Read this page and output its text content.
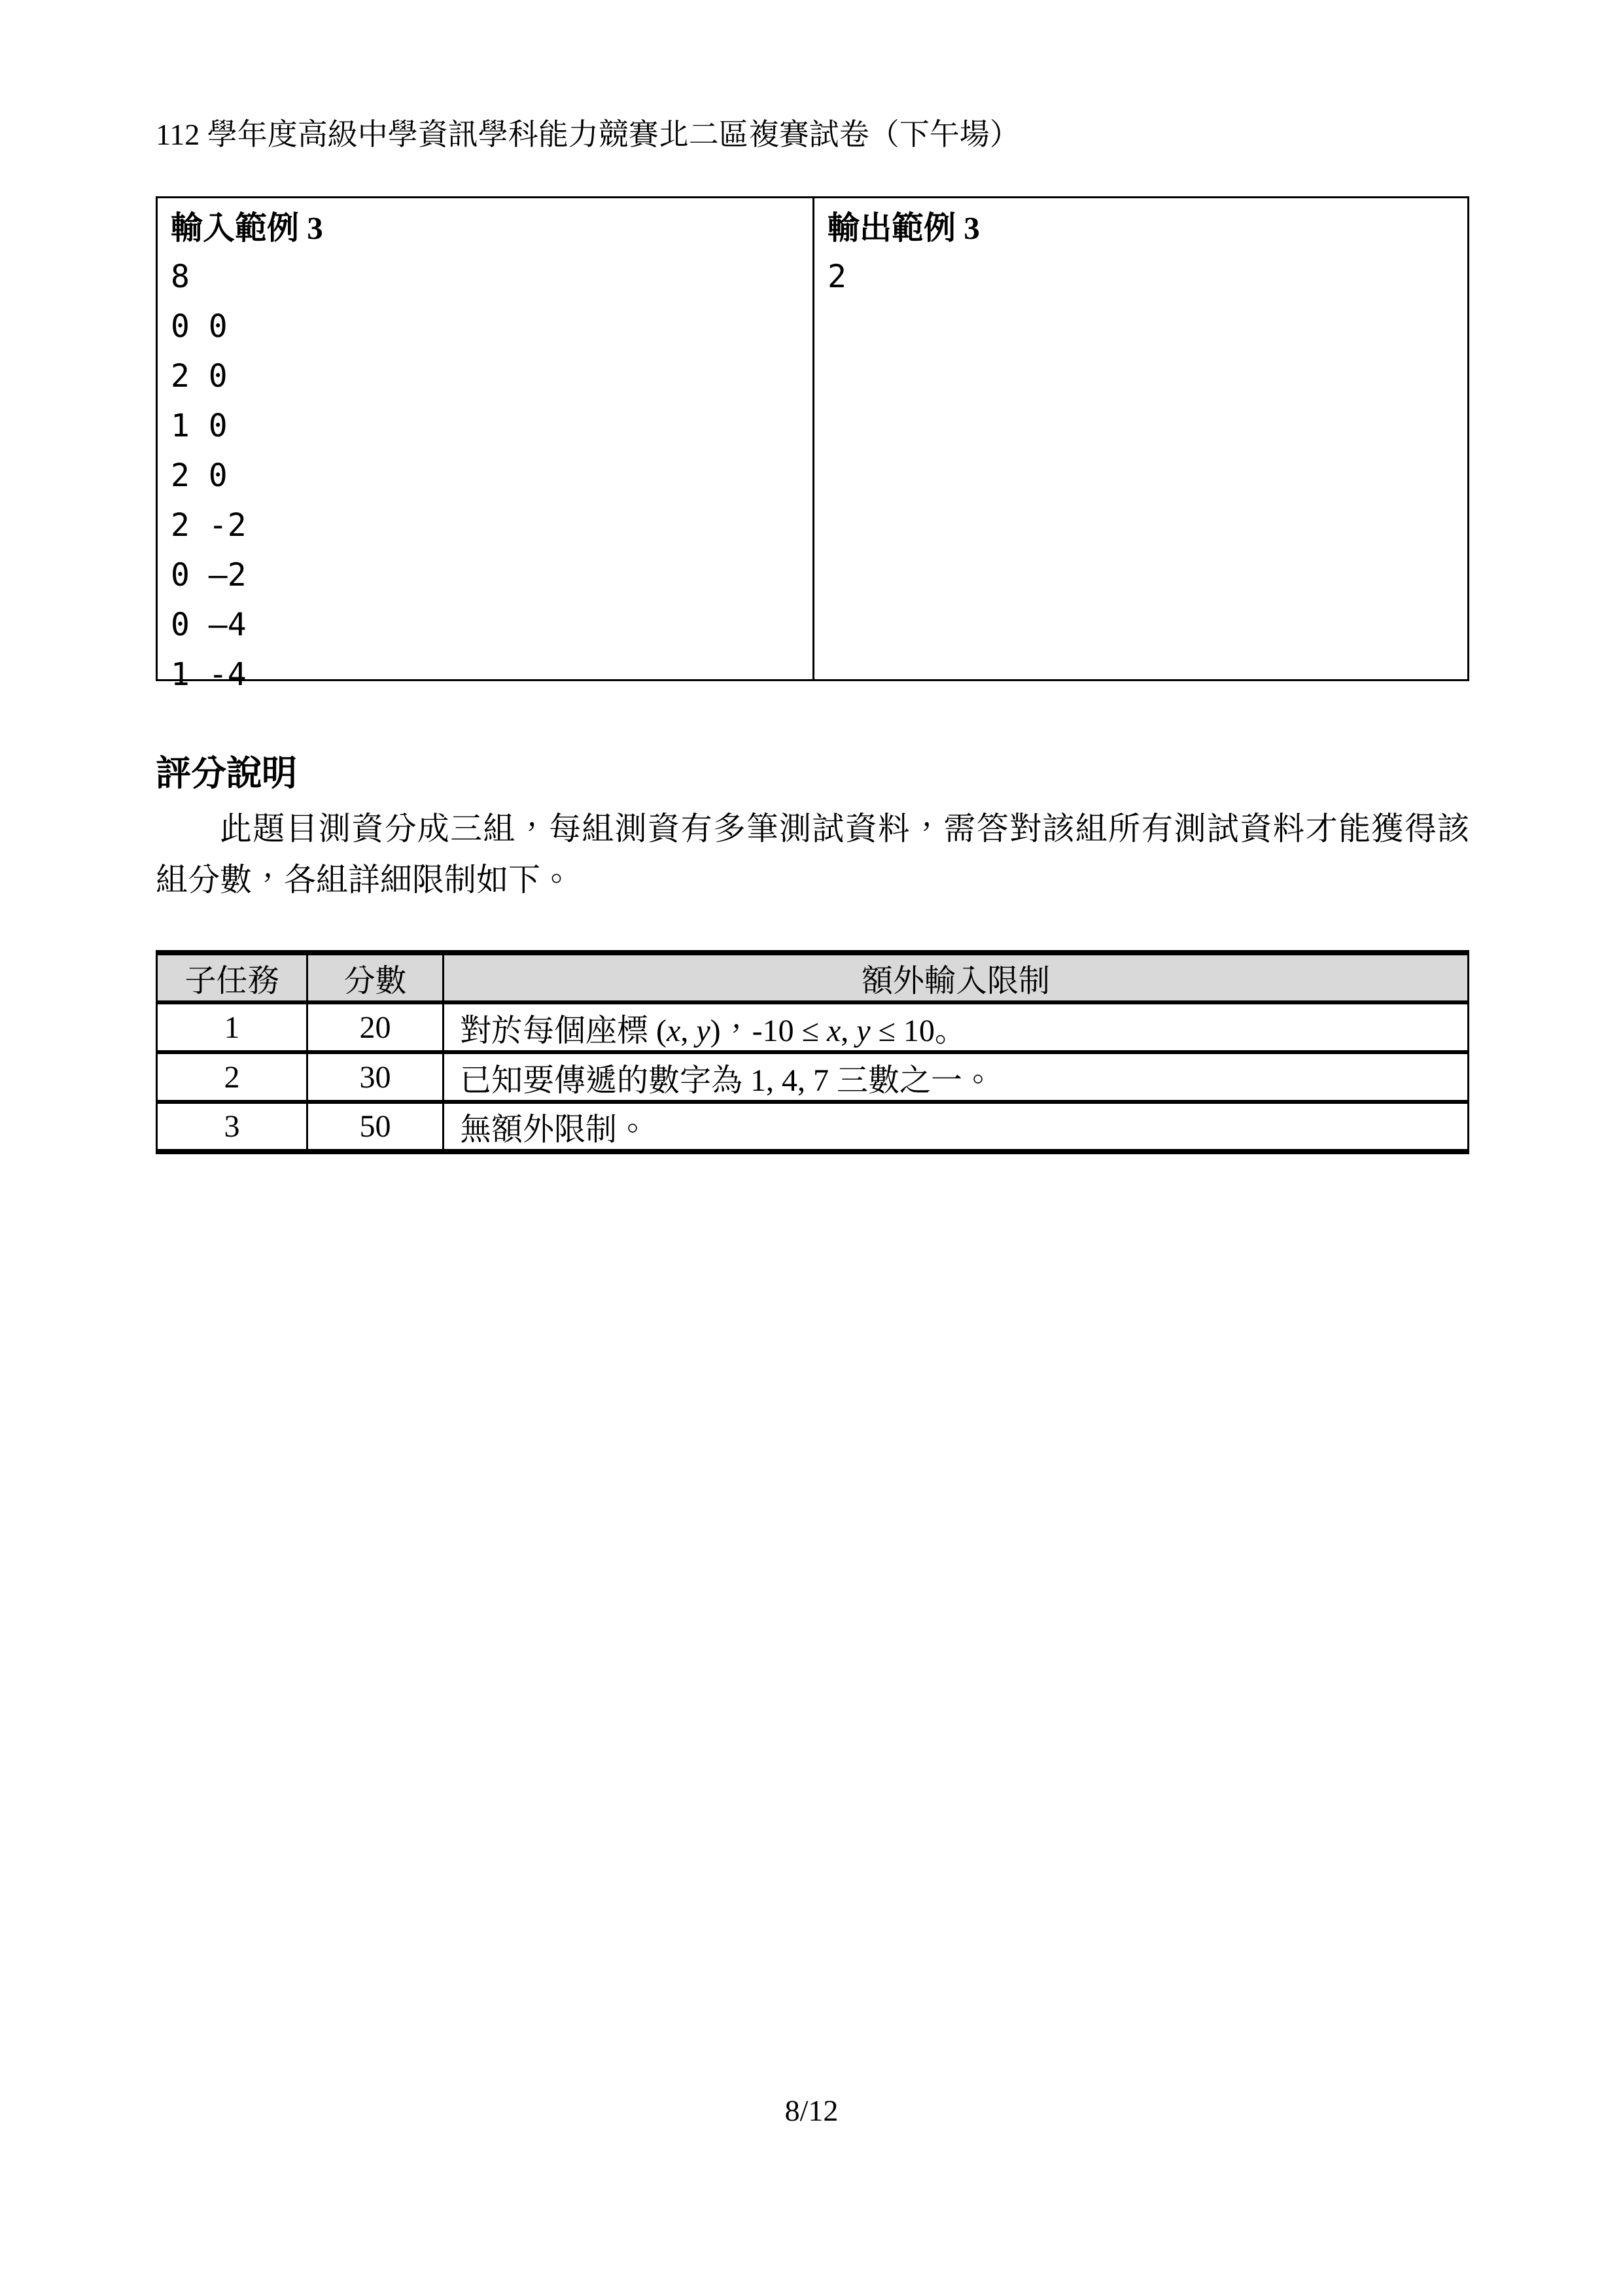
112 學年度高級中學資訊學科能力競賽北二區複賽試卷（下午場）
輸入範例 3
8
0 0
2 0
1 0
2 0
2 -2
0 –2
0 –4
1 -4
輸出範例 3
2
評分說明
此題目測資分成三組，每組測資有多筆測試資料，需答對該組所有測試資料才能獲得該
組分數，各組詳細限制如下。
子任務	分數	額外輸入限制
1	20	對於每個座標 (x, y)，-10 ≤ x, y ≤ 10。
2	30	已知要傳遞的數字為 1, 4, 7 三數之一。
3	50	無額外限制。
8/12
